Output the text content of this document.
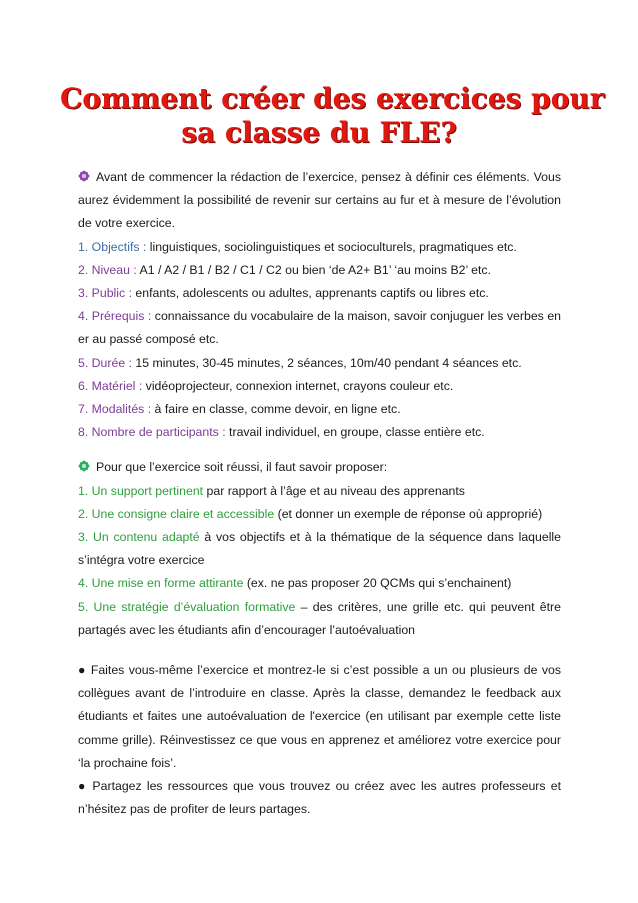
Comment créer des exercices pour
sa classe du FLE?

Avant de commencer la rédaction de l’exercice, pensez à définir ces éléments. Vous aurez évidemment la possibilité de revenir sur certains au fur et à mesure de l’évolution de votre exercice.

1. Objectifs : linguistiques, sociolinguistiques et socioculturels, pragmatiques etc.

2. Niveau : A1 / A2 / B1 / B2 / C1 / C2 ou bien ‘de A2+ B1’ ‘au moins B2’ etc.

3. Public : enfants, adolescents ou adultes, apprenants captifs ou libres etc.

4. Prérequis : connaissance du vocabulaire de la maison, savoir conjuguer les verbes en er au passé composé etc.

5. Durée : 15 minutes, 30-45 minutes, 2 séances, 10m/40 pendant 4 séances etc.

6. Matériel : vidéoprojecteur, connexion internet, crayons couleur etc.

7. Modalités : à faire en classe, comme devoir, en ligne etc.

8. Nombre de participants : travail individuel, en groupe, classe entière etc.

Pour que l’exercice soit réussi, il faut savoir proposer:

1. Un support pertinent par rapport à l’âge et au niveau des apprenants

2. Une consigne claire et accessible (et donner un exemple de réponse où approprié)

3. Un contenu adapté à vos objectifs et à la thématique de la séquence dans laquelle s’intégra votre exercice

4. Une mise en forme attirante (ex. ne pas proposer 20 QCMs qui s’enchainent)

5. Une stratégie d’évaluation formative – des critères, une grille etc. qui peuvent être partagés avec les étudiants afin d’encourager l’autoévaluation

● Faites vous-même l’exercice et montrez-le si c’est possible a un ou plusieurs de vos collègues avant de l’introduire en classe. Après la classe, demandez le feedback aux étudiants et faites une autoévaluation de l'exercice (en utilisant par exemple cette liste comme grille). Réinvestissez ce que vous en apprenez et améliorez votre exercice pour ‘la prochaine fois’.

● Partagez les ressources que vous trouvez ou créez avec les autres professeurs et n’hésitez pas de profiter de leurs partages.
